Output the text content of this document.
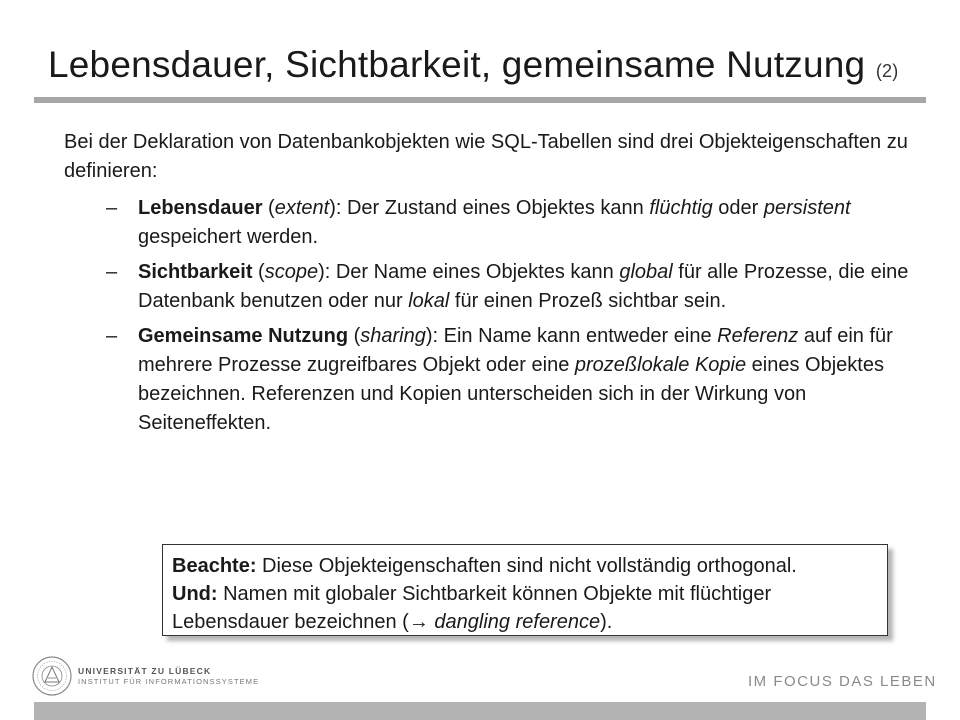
Lebensdauer, Sichtbarkeit, gemeinsame Nutzung (2)

Bei der Deklaration von Datenbankobjekten wie SQL-Tabellen sind drei Objekteigenschaften zu definieren:

– Lebensdauer (extent): Der Zustand eines Objektes kann flüchtig oder persistent gespeichert werden.
– Sichtbarkeit (scope): Der Name eines Objektes kann global für alle Prozesse, die eine Datenbank benutzen oder nur lokal für einen Prozeß sichtbar sein.
– Gemeinsame Nutzung (sharing): Ein Name kann entweder eine Referenz auf ein für mehrere Prozesse zugreifbares Objekt oder eine prozeßlokale Kopie eines Objektes bezeichnen. Referenzen und Kopien unterscheiden sich in der Wirkung von Seiteneffekten.
Beachte: Diese Objekteigenschaften sind nicht vollständig orthogonal.
Und: Namen mit globaler Sichtbarkeit können Objekte mit flüchtiger
Lebensdauer bezeichnen (→ dangling reference).
UNIVERSITÄT ZU LÜBECK
INSTITUT FÜR INFORMATIONSSYSTEME	IM FOCUS DAS LEBEN
